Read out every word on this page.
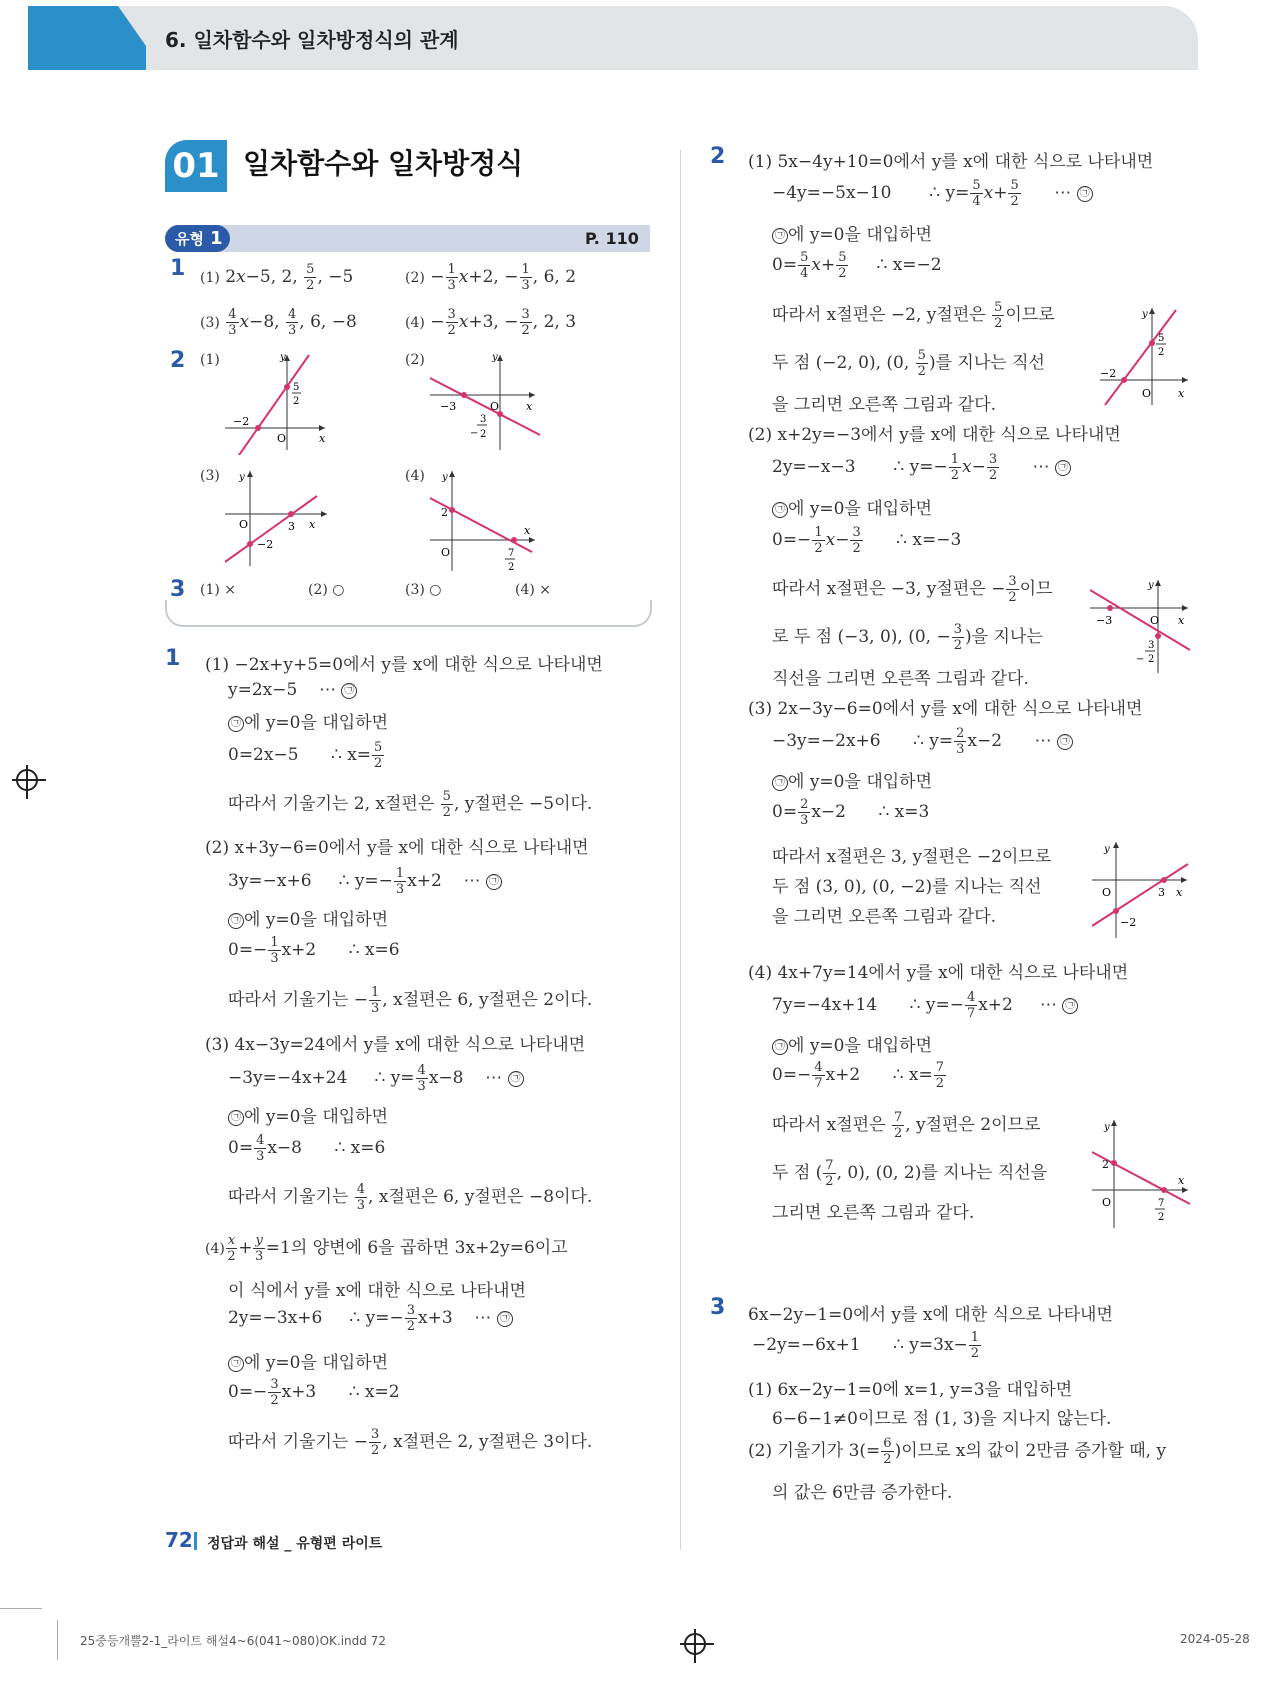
6. 일차함수와 일차방정식의 관계
01 일차함수와 일차방정식
유형 1	P. 110
1 (1) 2x−5, 2, $\frac{5}{2}$ , −5	$(2) - \frac{1}{3} x+2$, − $\frac{1}{3}$ , 6, 2
$(3) \frac{4}{3} x-8$, $\frac{4}{3}$ , 6, −8	$(4) - \frac{3}{2} x+3$, − $\frac{3}{2}$ , 2, 3
2 (1)	(2)
(3)	(4)
y
x
O
−2
5
2
y
x
O
−3
3
− 2
y
x
O	3
−2
y
x
O
2
7
2
3 (1) ×	(2) ○	(3) ○	(4) ×
1 (1) −2x+y+5=0에서 y를 x에 대한 식으로 나타내면
y=2x−5 ⋯ ㉠
㉠ 에 y=0을 대입하면
0=2x−5 ∴ $x= \frac{5}{2}$
따라서 기울기는 2, x절편은 $\frac{5}{2}$ , y절편은 −5이다.
(2) x+3y−6=0에서 y를 x에 대한 식으로 나타내면
3y=−x+6 ∴ $y=- \frac{1}{3} x+2$ ⋯ ㉠
㉠ 에 y=0을 대입하면
$0=- \frac{1}{3} x+2$ ∴ x=6
따라서 기울기는 − $\frac{1}{3}$ , x절편은 6, y절편은 2이다.
(3) 4x−3y=24에서 y를 x에 대한 식으로 나타내면
−3y=−4x+24 ∴ $y= \frac{4}{3} x-8$ ⋯ ㉠
㉠ 에 y=0을 대입하면
$0= \frac{4}{3} x-8$ ∴ x=6
따라서 기울기는 $\frac{4}{3}$ , x절편은 6, y절편은 −8이다.
$(4) \frac{x}{2} + \frac{y}{3} =1$의 양변에 6을 곱하면 3x+2y=6이고
이 식에서 y를 x에 대한 식으로 나타내면
2y=−3x+6 ∴ $y=- \frac{3}{2} x+3$ ⋯ ㉠
㉠ 에 y=0을 대입하면
$0=- \frac{3}{2} x+3$ ∴ x=2
따라서 기울기는 − $\frac{3}{2}$ , x절편은 2, y절편은 3이다.
2 (1) 5x−4y+10=0에서 y를 x에 대한 식으로 나타내면
−4y=−5x−10 ∴ $y= \frac{5}{4} x+ \frac{5}{2}$ ⋯ ㉠
㉠ 에 y=0을 대입하면
$0= \frac{5}{4} x+ \frac{5}{2}$ ∴ x=−2
따라서 x절편은 −2, y절편은 $\frac{5}{2}$ 이므로
두 점 (−2, 0), (0, $\frac{5}{2}$ )를 지나는 직선
을 그리면 오른쪽 그림과 같다.
y
x
O
−2
5
2
(2) x+2y=−3에서 y를 x에 대한 식으로 나타내면
2y=−x−3 ∴ $y=- \frac{1}{2} x- \frac{3}{2}$ ⋯ ㉠
㉠ 에 y=0을 대입하면
$0=- \frac{1}{2} x- \frac{3}{2}$ ∴ x=−3
따라서 x절편은 −3, y절편은 − $\frac{3}{2}$ 이므
로 두 점 (−3, 0), (0, − $\frac{3}{2}$ )을 지나는
직선을 그리면 오른쪽 그림과 같다.
y
x
O
−3
3
− 2
(3) 2x−3y−6=0에서 y를 x에 대한 식으로 나타내면
−3y=−2x+6 ∴ $y= \frac{2}{3} x-2$ ⋯ ㉠
㉠ 에 y=0을 대입하면
$0= \frac{2}{3} x-2$ ∴ x=3
따라서 x절편은 3, y절편은 −2이므로
두 점 (3, 0), (0, −2)를 지나는 직선
을 그리면 오른쪽 그림과 같다.
y
x
O	3
−2
(4) 4x+7y=14에서 y를 x에 대한 식으로 나타내면
7y=−4x+14 ∴ $y=- \frac{4}{7} x+2$ ⋯ ㉠
㉠ 에 y=0을 대입하면
$0=- \frac{4}{7} x+2$ ∴ $x= \frac{7}{2}$
따라서 x절편은 $\frac{7}{2}$ , y절편은 2이므로
두 점 ( $\frac{7}{2}$ , 0), (0, 2)를 지나는 직선을
그리면 오른쪽 그림과 같다.
y
x
O
2
7
2
3 6x−2y−1=0에서 y를 x에 대한 식으로 나타내면
−2y=−6x+1 ∴ $y=3x- \frac{1}{2}$
(1) 6x−2y−1=0에 x=1, y=3을 대입하면
6−6−1≠0이므로 점 (1, 3)을 지나지 않는다.
(2) 기울기가 $3(= \frac{6}{2}$ )이므로 x의 값이 2만큼 증가할 때, y
의 값은 6만큼 증가한다.
72 정답과 해설 _ 유형편 라이트
25중등개뿔2-1_라이트 해설4~6(041~080)OK.indd 72	2024-05-28
